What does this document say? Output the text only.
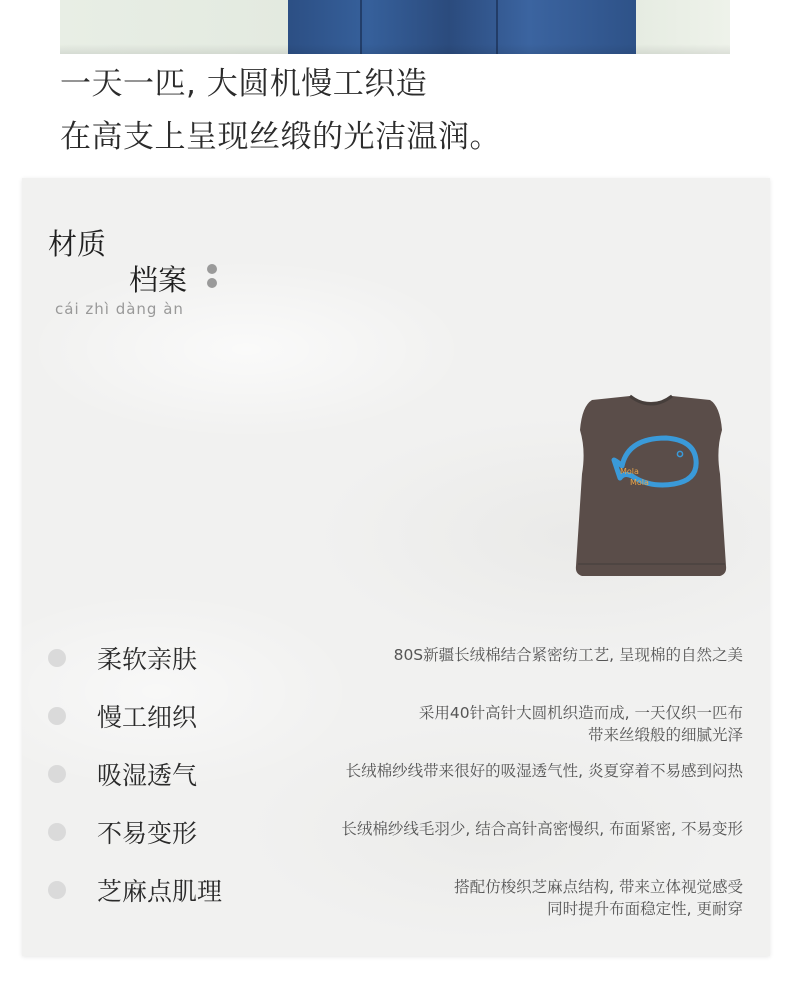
一天一匹, 大圆机慢工织造

在高支上呈现丝缎的光洁温润。

材质
档案
cái zhì dàng àn
Mola
Mola
柔软亲肤	80S新疆长绒棉结合紧密纺工艺, 呈现棉的自然之美
慢工细织	采用40针高针大圆机织造而成, 一天仅织一匹布
带来丝缎般的细腻光泽
吸湿透气	长绒棉纱线带来很好的吸湿透气性, 炎夏穿着不易感到闷热
不易变形	长绒棉纱线毛羽少, 结合高针高密慢织, 布面紧密, 不易变形
芝麻点肌理	搭配仿梭织芝麻点结构, 带来立体视觉感受
同时提升布面稳定性, 更耐穿
